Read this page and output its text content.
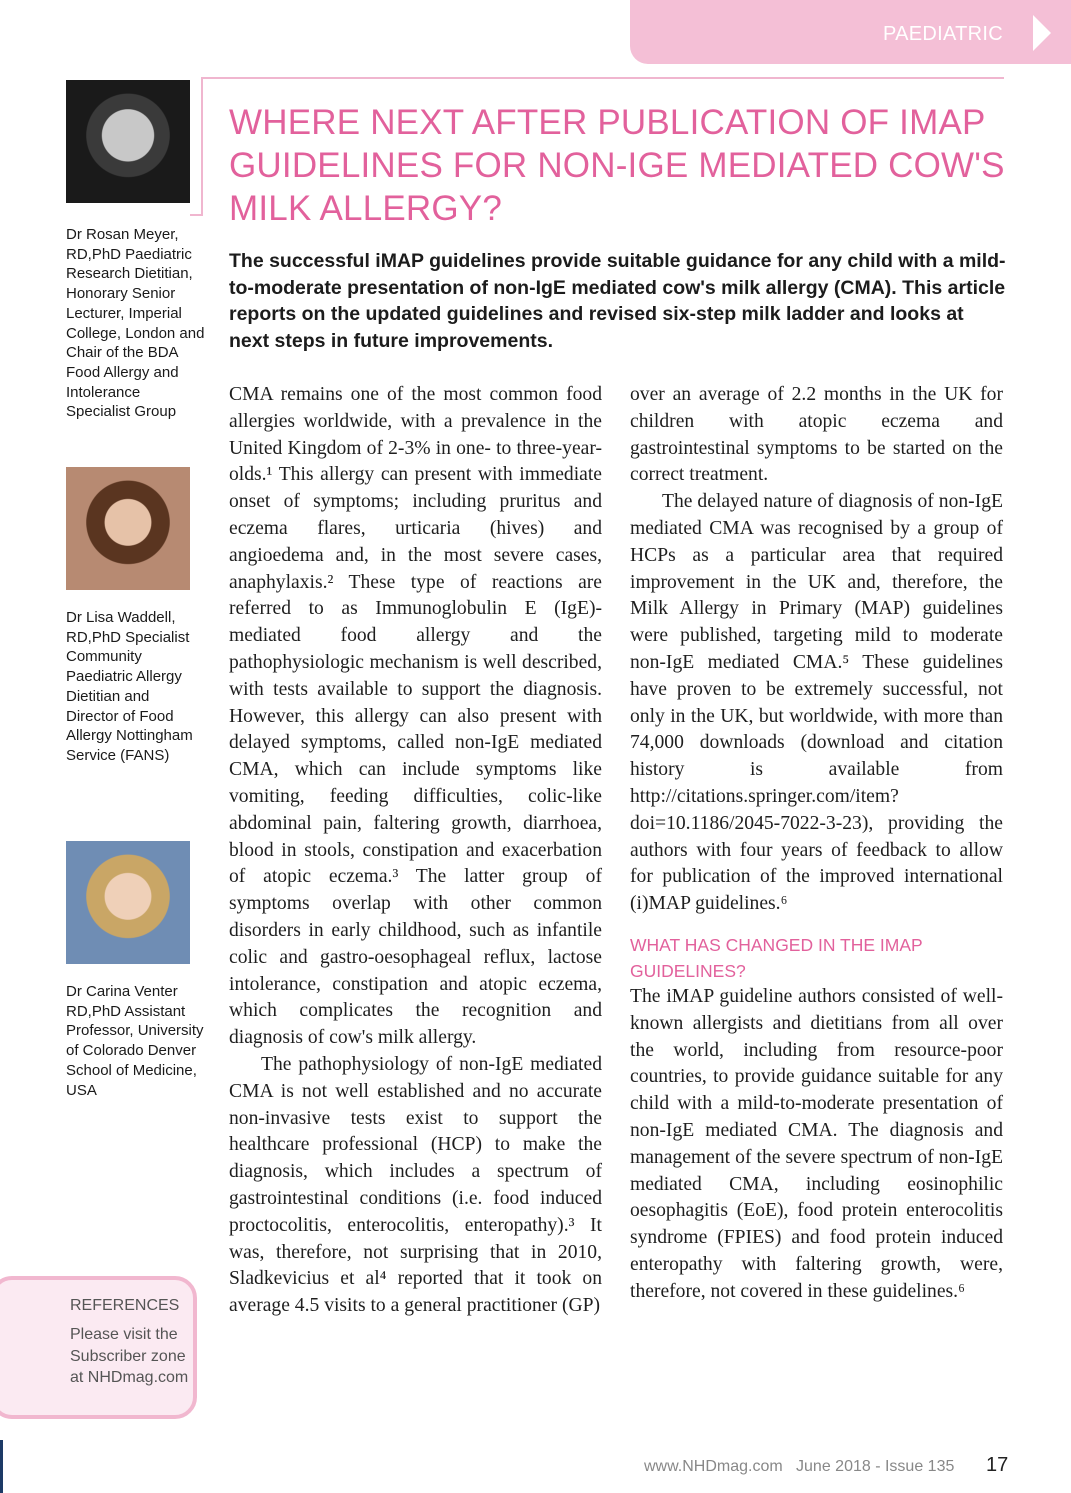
PAEDIATRIC
WHERE NEXT AFTER PUBLICATION OF IMAP GUIDELINES FOR NON-IGE MEDIATED COW'S MILK ALLERGY?
The successful iMAP guidelines provide suitable guidance for any child with a mild-to-moderate presentation of non-IgE mediated cow's milk allergy (CMA). This article reports on the updated guidelines and revised six-step milk ladder and looks at next steps in future improvements.
Dr Rosan Meyer, RD,PhD Paediatric Research Dietitian, Honorary Senior Lecturer, Imperial College, London and Chair of the BDA Food Allergy and Intolerance Specialist Group
Dr Lisa Waddell, RD,PhD Specialist Community Paediatric Allergy Dietitian and Director of Food Allergy Nottingham Service (FANS)
Dr Carina Venter RD,PhD Assistant Professor, University of Colorado Denver School of Medicine, USA
REFERENCES
Please visit the Subscriber zone at NHDmag.com

CMA remains one of the most common food allergies worldwide, with a prevalence in the United Kingdom of 2-3% in one- to three-year-olds.¹ This allergy can present with immediate onset of symptoms; including pruritus and eczema flares, urticaria (hives) and angioedema and, in the most severe cases, anaphylaxis.² These type of reactions are referred to as Immunoglobulin E (IgE)-mediated food allergy and the pathophysiologic mechanism is well described, with tests available to support the diagnosis. However, this allergy can also present with delayed symptoms, called non-IgE mediated CMA, which can include symptoms like vomiting, feeding difficulties, colic-like abdominal pain, faltering growth, diarrhoea, blood in stools, constipation and exacerbation of atopic eczema.³ The latter group of symptoms overlap with other common disorders in early childhood, such as infantile colic and gastro-oesophageal reflux, lactose intolerance, constipation and atopic eczema, which complicates the recognition and diagnosis of cow's milk allergy.

The pathophysiology of non-IgE mediated CMA is not well established and no accurate non-invasive tests exist to support the healthcare professional (HCP) to make the diagnosis, which includes a spectrum of gastrointestinal conditions (i.e. food induced proctocolitis, enterocolitis, enteropathy).³ It was, therefore, not surprising that in 2010, Sladkevicius et al⁴ reported that it took on average 4.5 visits to a general practitioner (GP)

over an average of 2.2 months in the UK for children with atopic eczema and gastrointestinal symptoms to be started on the correct treatment.

The delayed nature of diagnosis of non-IgE mediated CMA was recognised by a group of HCPs as a particular area that required improvement in the UK and, therefore, the Milk Allergy in Primary (MAP) guidelines were published, targeting mild to moderate non-IgE mediated CMA.⁵ These guidelines have proven to be extremely successful, not only in the UK, but worldwide, with more than 74,000 downloads (download and citation history is available from http://citations.springer.com/item?doi=10.1186/2045-7022-3-23), providing the authors with four years of feedback to allow for publication of the improved international (i)MAP guidelines.⁶

WHAT HAS CHANGED IN THE IMAP GUIDELINES?

The iMAP guideline authors consisted of well-known allergists and dietitians from all over the world, including from resource-poor countries, to provide guidance suitable for any child with a mild-to-moderate presentation of non-IgE mediated CMA. The diagnosis and management of the severe spectrum of non-IgE mediated CMA, including eosinophilic oesophagitis (EoE), food protein enterocolitis syndrome (FPIES) and food protein induced enteropathy with faltering growth, were, therefore, not covered in these guidelines.⁶

www.NHDmag.com June 2018 - Issue 135 17
